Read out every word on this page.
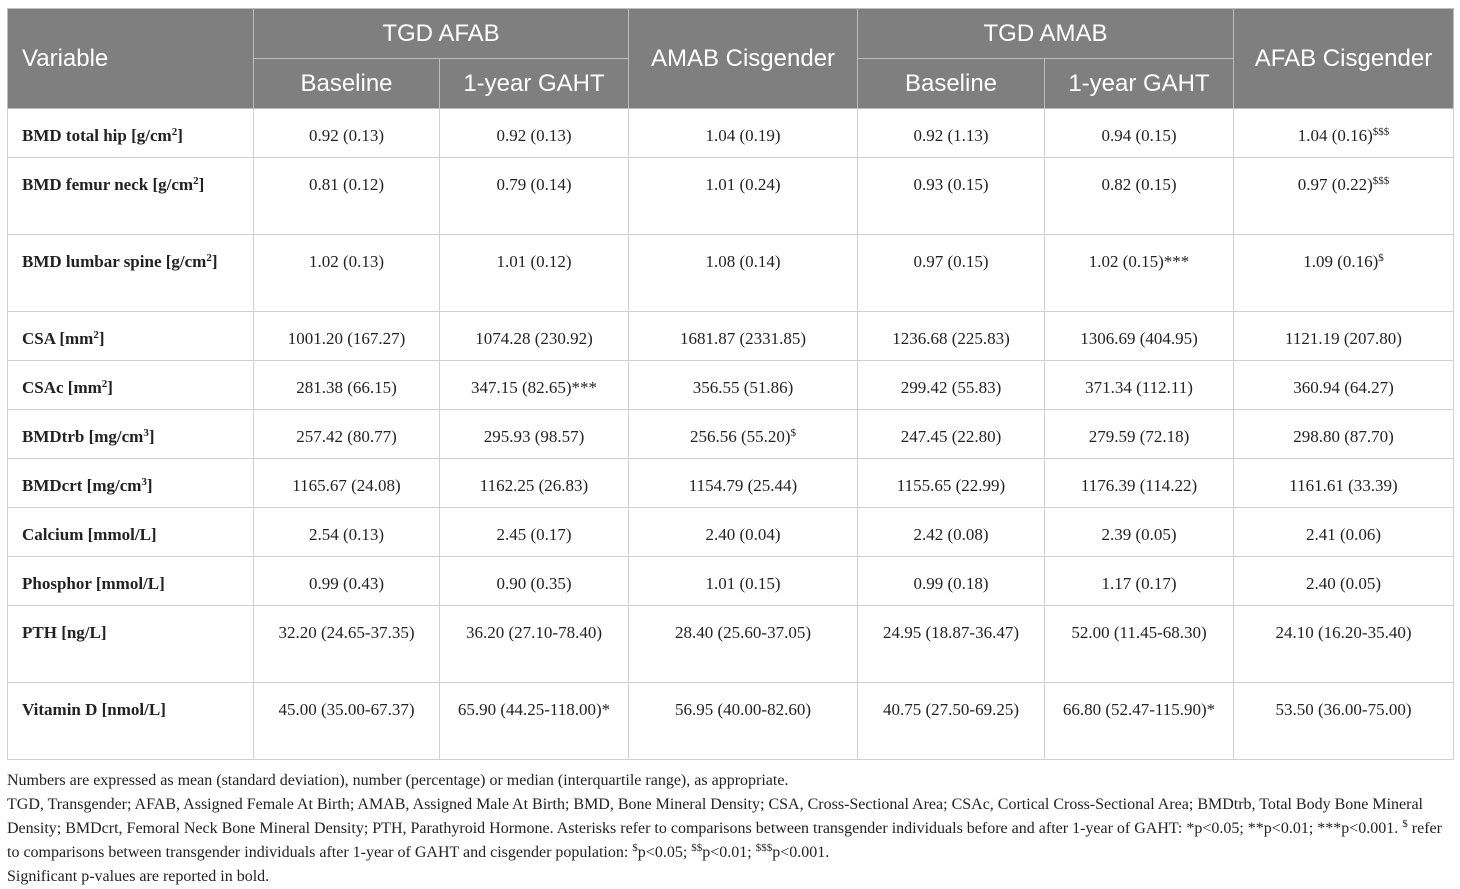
Variable	TGD AFAB		AMAB Cisgender	TGD AMAB		AFAB Cisgender
	Baseline	1-year GAHT		Baseline	1-year GAHT	
BMD total hip $[g/cm^2]$	0.92 (0.13)	0.92 (0.13)	1.04 (0.19)	0.92 (1.13)	0.94 (0.15)	1.04 (0.16)$$$
BMD femur neck $[g/cm^2]$	0.81 (0.12)	0.79 (0.14)	1.01 (0.24)	0.93 (0.15)	0.82 (0.15)	0.97 (0.22)$$$
BMD lumbar spine $[g/cm^2]$	1.02 (0.13)	1.01 (0.12)	1.08 (0.14)	0.97 (0.15)	1.02 (0.15)***	1.09 (0.16)$
CSA $[mm^2]$	1001.20 (167.27)	1074.28 (230.92)	1681.87 (2331.85)	1236.68 (225.83)	1306.69 (404.95)	1121.19 (207.80)
CSAc $[mm^2]$	281.38 (66.15)	347.15 (82.65)***	356.55 (51.86)	299.42 (55.83)	371.34 (112.11)	360.94 (64.27)
BMDtrb $[mg/cm^3]$	257.42 (80.77)	295.93 (98.57)	256.56 (55.20)$	247.45 (22.80)	279.59 (72.18)	298.80 (87.70)
BMDcrt $[mg/cm^3]$	1165.67 (24.08)	1162.25 (26.83)	1154.79 (25.44)	1155.65 (22.99)	1176.39 (114.22)	1161.61 (33.39)
Calcium [mmol/L]	2.54 (0.13)	2.45 (0.17)	2.40 (0.04)	2.42 (0.08)	2.39 (0.05)	2.41 (0.06)
Phosphor [mmol/L]	0.99 (0.43)	0.90 (0.35)	1.01 (0.15)	0.99 (0.18)	1.17 (0.17)	2.40 (0.05)
PTH [ng/L]	32.20 (24.65-37.35)	36.20 (27.10-78.40)	28.40 (25.60-37.05)	24.95 (18.87-36.47)	52.00 (11.45-68.30)	24.10 (16.20-35.40)
Vitamin D [nmol/L]	45.00 (35.00-67.37)	65.90 (44.25-118.00)*	56.95 (40.00-82.60)	40.75 (27.50-69.25)	66.80 (52.47-115.90)*	53.50 (36.00-75.00)

Numbers are expressed as mean (standard deviation), number (percentage) or median (interquartile range), as appropriate.

TGD, Transgender; AFAB, Assigned Female At Birth; AMAB, Assigned Male At Birth; BMD, Bone Mineral Density; CSA, Cross-Sectional Area; CSAc, Cortical Cross-Sectional Area; BMDtrb, Total Body Bone Mineral Density; BMDcrt, Femoral Neck Bone Mineral Density; PTH, Parathyroid Hormone. Asterisks refer to comparisons between transgender individuals before and after 1-year of GAHT: *p<0.05; **p<0.01; ***p<0.001. $ refer to comparisons between transgender individuals after 1-year of GAHT and cisgender population: $p<0.05; $$p<0.01; $$$p<0.001.

Significant p-values are reported in bold.
